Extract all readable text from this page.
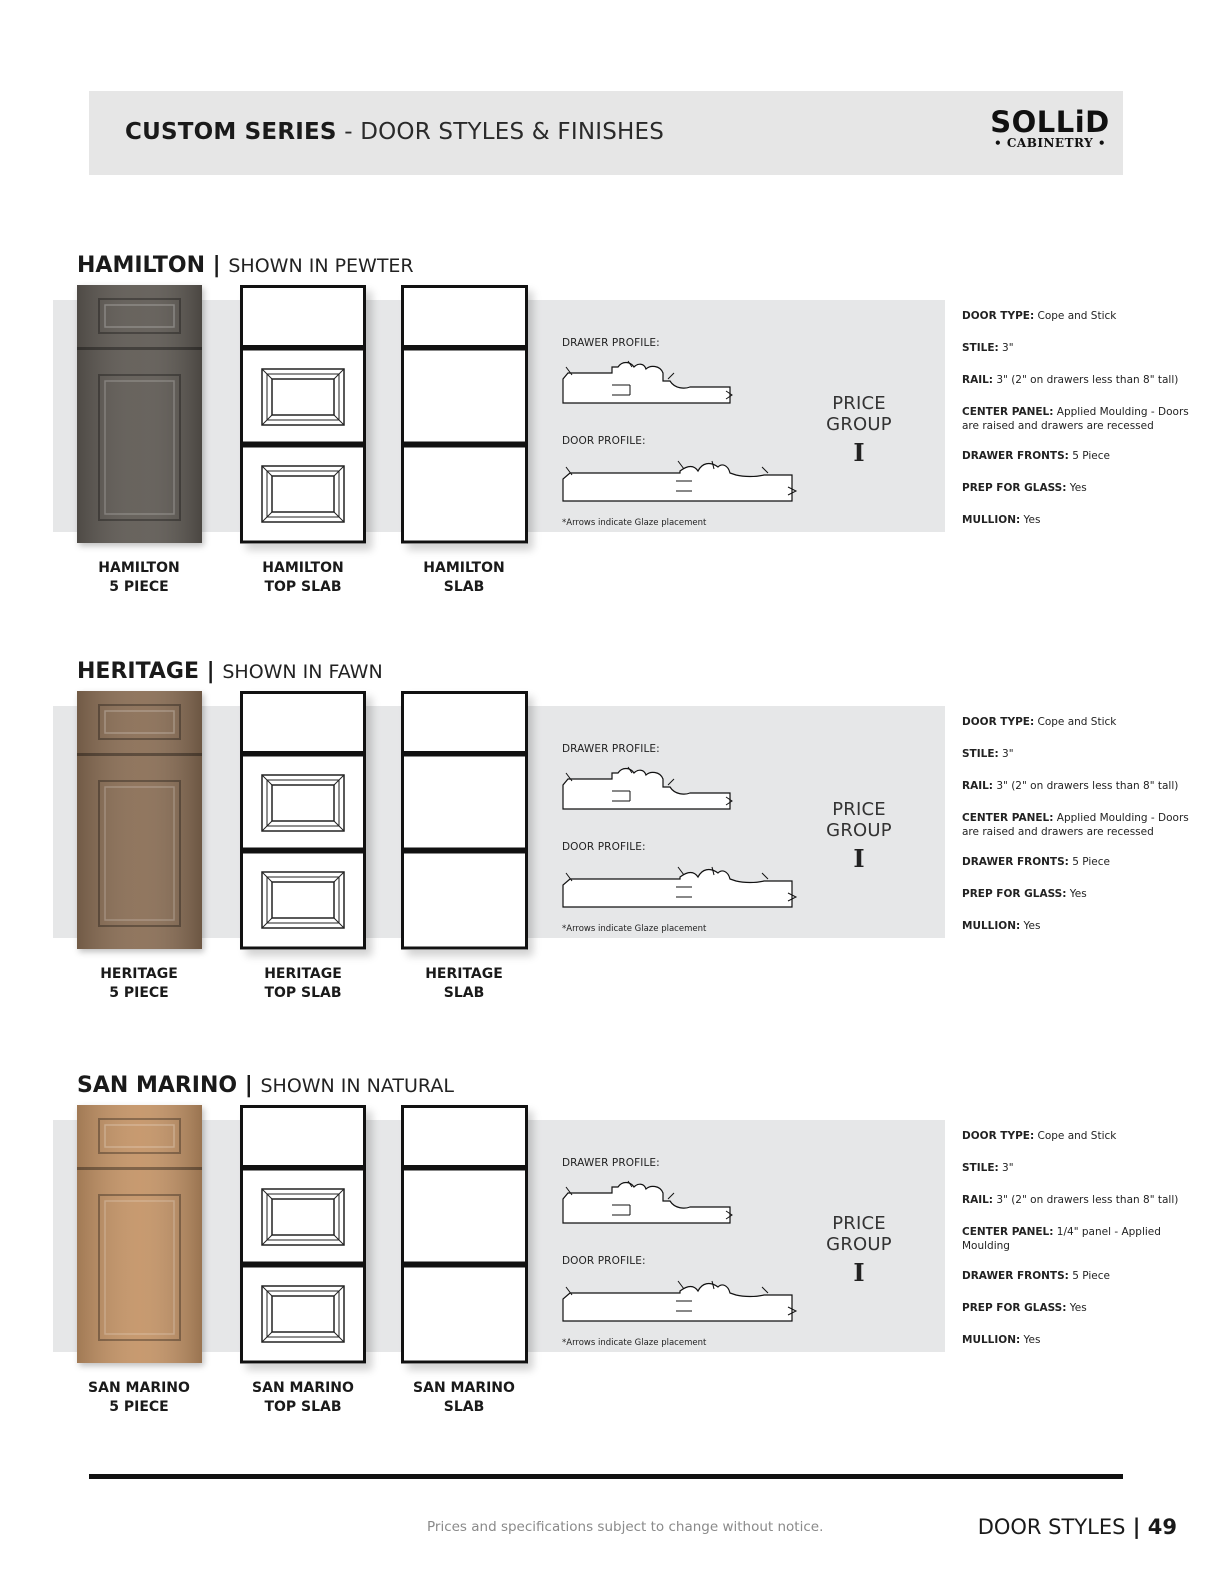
CUSTOM SERIES - DOOR STYLES & FINISHES	SOLLiD
• CABINETRY •
HAMILTON | SHOWN IN PEWTER
HAMILTON
5 PIECE
HAMILTON
TOP SLAB
HAMILTON
SLAB
DRAWER PROFILE:
DOOR PROFILE:
*Arrows indicate Glaze placement
PRICE GROUP
I
DOOR TYPE: Cope and Stick
STILE: 3"
RAIL: 3" (2" on drawers less than 8" tall)
CENTER PANEL: Applied Moulding - Doors are raised and drawers are recessed
DRAWER FRONTS: 5 Piece
PREP FOR GLASS: Yes
MULLION: Yes
HERITAGE | SHOWN IN FAWN
HERITAGE
5 PIECE
HERITAGE
TOP SLAB
HERITAGE
SLAB
DRAWER PROFILE:
DOOR PROFILE:
*Arrows indicate Glaze placement
PRICE GROUP
I
DOOR TYPE: Cope and Stick
STILE: 3"
RAIL: 3" (2" on drawers less than 8" tall)
CENTER PANEL: Applied Moulding - Doors are raised and drawers are recessed
DRAWER FRONTS: 5 Piece
PREP FOR GLASS: Yes
MULLION: Yes
SAN MARINO | SHOWN IN NATURAL
SAN MARINO
5 PIECE
SAN MARINO
TOP SLAB
SAN MARINO
SLAB
DRAWER PROFILE:
DOOR PROFILE:
*Arrows indicate Glaze placement
PRICE GROUP
I
DOOR TYPE: Cope and Stick
STILE: 3"
RAIL: 3" (2" on drawers less than 8" tall)
CENTER PANEL: 1/4" panel - Applied Moulding
DRAWER FRONTS: 5 Piece
PREP FOR GLASS: Yes
MULLION: Yes
Prices and specifications subject to change without notice.	DOOR STYLES | 49
